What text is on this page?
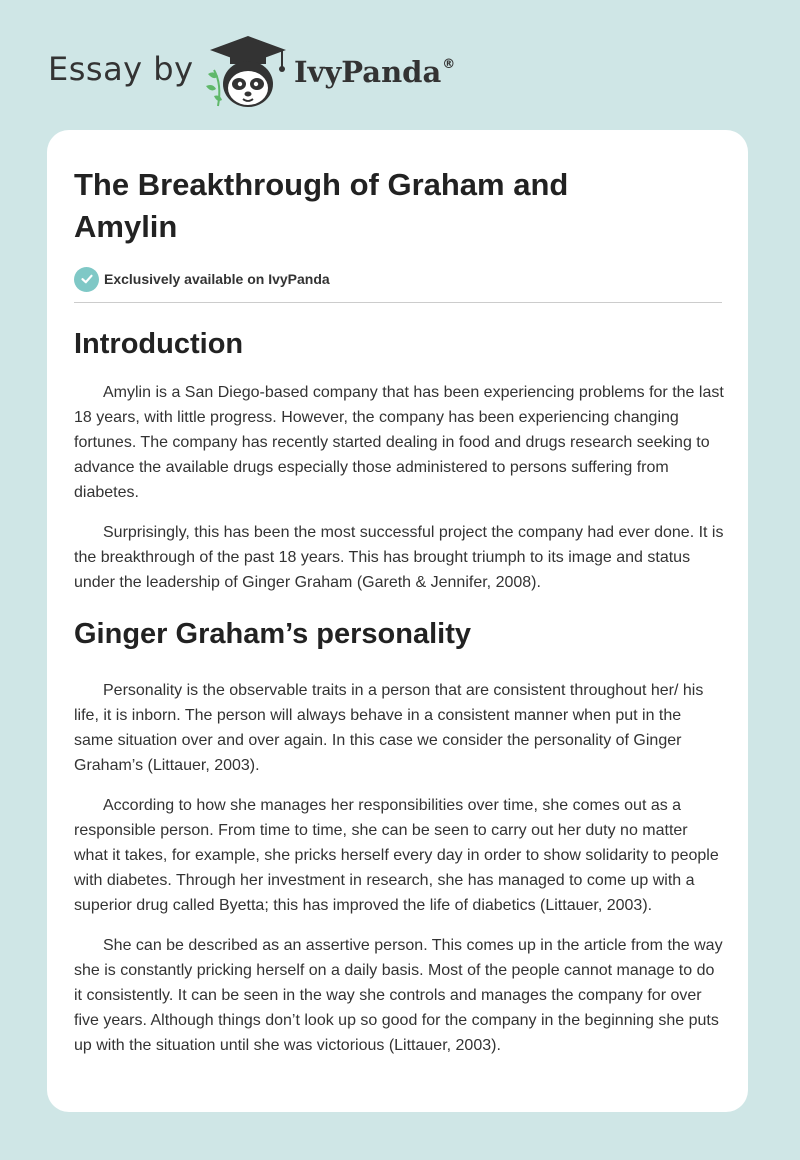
Essay by	IvyPanda®
The Breakthrough of Graham and Amylin
Exclusively available on IvyPanda
Introduction

Amylin is a San Diego-based company that has been experiencing problems for the last 18 years, with little progress. However, the company has been experiencing changing fortunes. The company has recently started dealing in food and drugs research seeking to advance the available drugs especially those administered to persons suffering from diabetes.

Surprisingly, this has been the most successful project the company had ever done. It is the breakthrough of the past 18 years. This has brought triumph to its image and status under the leadership of Ginger Graham (Gareth & Jennifer, 2008).

Ginger Graham’s personality

Personality is the observable traits in a person that are consistent throughout her/ his life, it is inborn. The person will always behave in a consistent manner when put in the same situation over and over again. In this case we consider the personality of Ginger Graham’s (Littauer, 2003).

According to how she manages her responsibilities over time, she comes out as a responsible person. From time to time, she can be seen to carry out her duty no matter what it takes, for example, she pricks herself every day in order to show solidarity to people with diabetes. Through her investment in research, she has managed to come up with a superior drug called Byetta; this has improved the life of diabetics (Littauer, 2003).

She can be described as an assertive person. This comes up in the article from the way she is constantly pricking herself on a daily basis. Most of the people cannot manage to do it consistently. It can be seen in the way she controls and manages the company for over five years. Although things don’t look up so good for the company in the beginning she puts up with the situation until she was victorious (Littauer, 2003).
